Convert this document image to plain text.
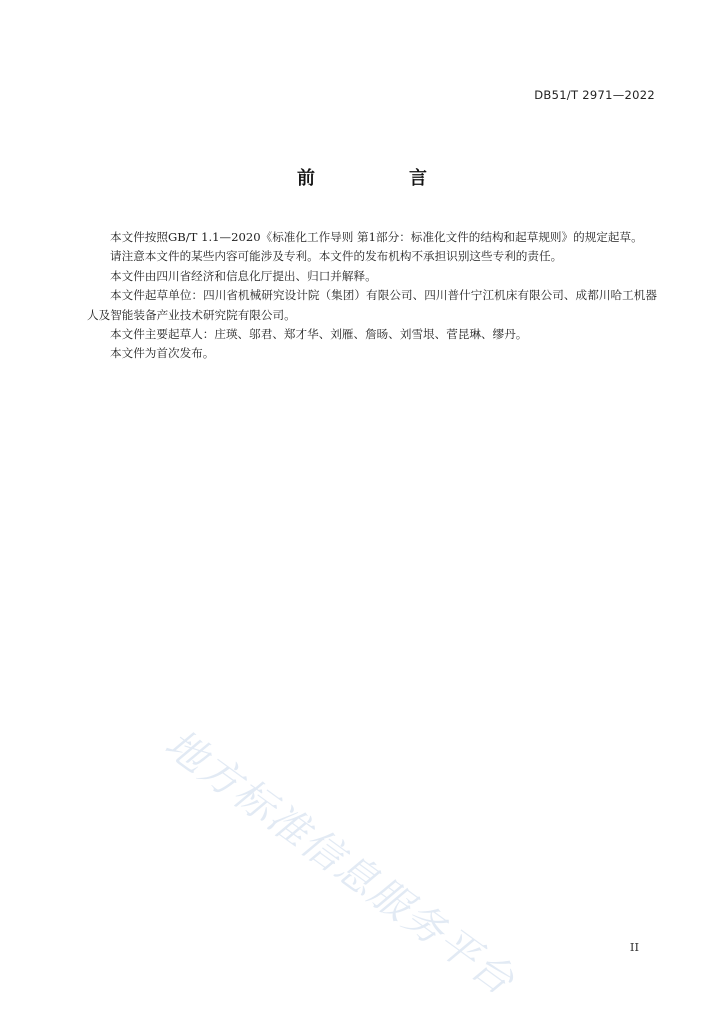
DB51/T 2971—2022
前　言

本文件按照GB/T 1.1—2020《标准化工作导则 第1部分：标准化文件的结构和起草规则》的规定起草。

请注意本文件的某些内容可能涉及专利。本文件的发布机构不承担识别这些专利的责任。

本文件由四川省经济和信息化厅提出、归口并解释。

本文件起草单位：四川省机械研究设计院（集团）有限公司、四川普什宁江机床有限公司、成都川哈工机器人及智能装备产业技术研究院有限公司。

本文件主要起草人：庄瑛、邬君、郑才华、刘雁、詹旸、刘雪垠、菅昆琳、缪丹。

本文件为首次发布。

地方标准信息服务平台	II
